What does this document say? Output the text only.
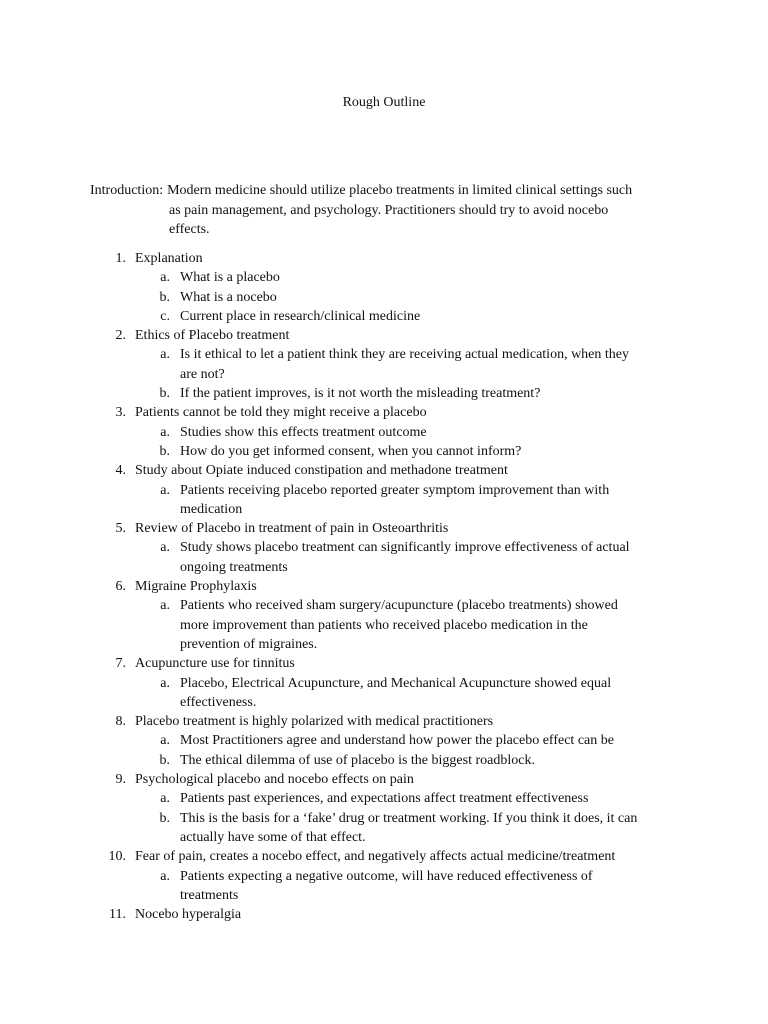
Rough Outline
Introduction: Modern medicine should utilize placebo treatments in limited clinical settings such
as pain management, and psychology. Practitioners should try to avoid nocebo
effects.
1. Explanation
a. What is a placebo
b. What is a nocebo
c. Current place in research/clinical medicine
2. Ethics of Placebo treatment
a. Is it ethical to let a patient think they are receiving actual medication, when they
are not?
b. If the patient improves, is it not worth the misleading treatment?
3. Patients cannot be told they might receive a placebo
a. Studies show this effects treatment outcome
b. How do you get informed consent, when you cannot inform?
4. Study about Opiate induced constipation and methadone treatment
a. Patients receiving placebo reported greater symptom improvement than with
medication
5. Review of Placebo in treatment of pain in Osteoarthritis
a. Study shows placebo treatment can significantly improve effectiveness of actual
ongoing treatments
6. Migraine Prophylaxis
a. Patients who received sham surgery/acupuncture (placebo treatments) showed
more improvement than patients who received placebo medication in the
prevention of migraines.
7. Acupuncture use for tinnitus
a. Placebo, Electrical Acupuncture, and Mechanical Acupuncture showed equal
effectiveness.
8. Placebo treatment is highly polarized with medical practitioners
a. Most Practitioners agree and understand how power the placebo effect can be
b. The ethical dilemma of use of placebo is the biggest roadblock.
9. Psychological placebo and nocebo effects on pain
a. Patients past experiences, and expectations affect treatment effectiveness
b. This is the basis for a ‘fake’ drug or treatment working. If you think it does, it can
actually have some of that effect.
10. Fear of pain, creates a nocebo effect, and negatively affects actual medicine/treatment
a. Patients expecting a negative outcome, will have reduced effectiveness of
treatments
11. Nocebo hyperalgia
